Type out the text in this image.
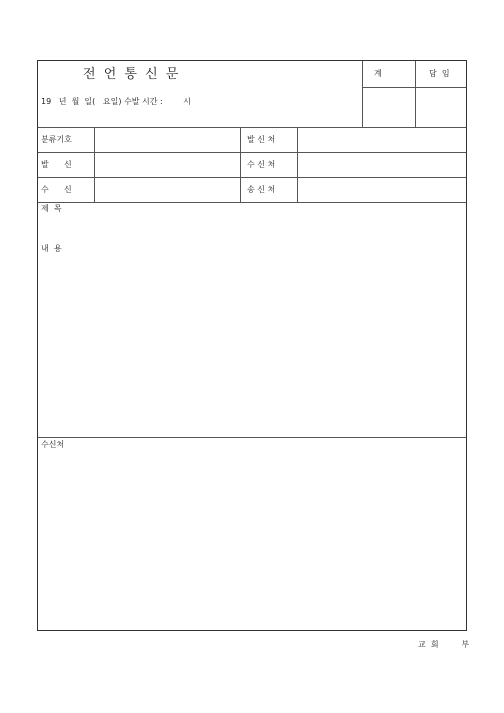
전 언 통 신 문
19   년  월  일(   요일) 수발 시간 :        시
계	담  임
분류기호	발 신 처
발      신	수 신 처
수      신	송 신 처
제  목
내  용
수신처
교  회         부
